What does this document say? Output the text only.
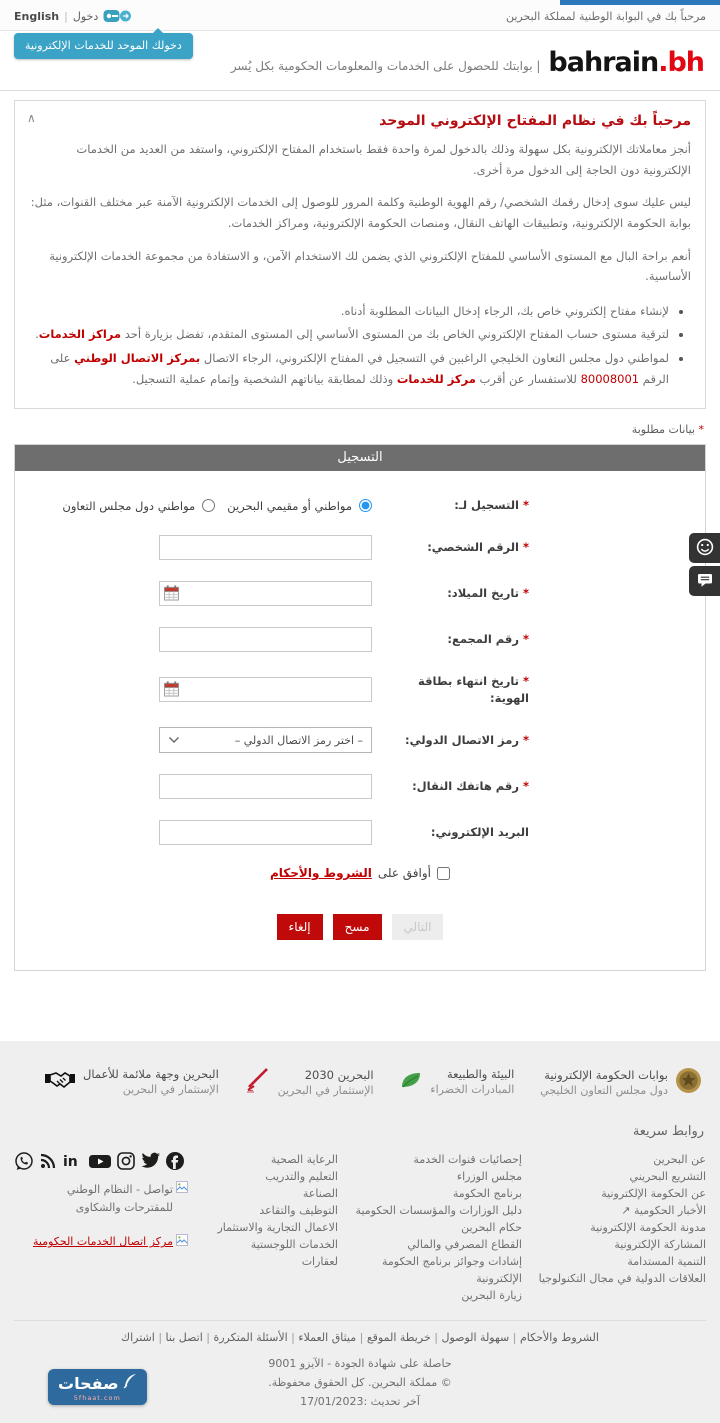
مرحباً بك في البوابة الوطنية لمملكة البحرين
دخول
|
English
دخولك الموحد للخدمات الإلكترونية
bahrain.bh
| بوابتك للحصول على الخدمات والمعلومات الحكومية بكل يُسر
∧	مرحباً بك في نظام المفتاح الإلكتروني الموحد

أنجز معاملاتك الإلكترونية بكل سهولة وذلك بالدخول لمرة واحدة فقط باستخدام المفتاح الإلكتروني، واستفد من العديد من الخدمات الإلكترونية دون الحاجة إلى الدخول مرة أخرى.

ليس عليك سوى إدخال رقمك الشخصي/ رقم الهوية الوطنية وكلمة المرور للوصول إلى الخدمات الإلكترونية الآمنة عبر مختلف القنوات، مثل: بوابة الحكومة الإلكترونية، وتطبيقات الهاتف النقال، ومنصات الحكومة الإلكترونية، ومراكز الخدمات.

أنعم براحة البال مع المستوى الأساسي للمفتاح الإلكتروني الذي يضمن لك الاستخدام الآمن، و الاستفادة من مجموعة الخدمات الإلكترونية الأساسية.

• لإنشاء مفتاح إلكتروني خاص بك، الرجاء إدخال البيانات المطلوبة أدناه.
• لترقية مستوى حساب المفتاح الإلكتروني الخاص بك من المستوى الأساسي إلى المستوى المتقدم، تفضل بزيارة أحد مراكز الخدمات.
• لمواطني دول مجلس التعاون الخليجي الراغبين في التسجيل في المفتاح الإلكتروني، الرجاء الاتصال بمركز الاتصال الوطني على الرقم 80008001 للاستفسار عن أقرب مركز للخدمات وذلك لمطابقة بياناتهم الشخصية وإتمام عملية التسجيل.
* بيانات مطلوبة
التسجيل
* التسجيل لـ:
مواطني أو مقيمي البحرين
مواطني دول مجلس التعاون
* الرقم الشخصي:
* تاريخ الميلاد:
* رقم المجمع:
* تاريخ انتهاء بطاقة الهوية:
* رمز الاتصال الدولي:
– اختر رمز الاتصال الدولي –
* رقم هاتفك النقال:
البريد الإلكتروني:
أوافق على
الشروط والأحكام
التالي
مسح
إلغاء
بوابات الحكومة الإلكترونية
دول مجلس التعاون الخليجي
البيئة والطبيعة
المبادرات الخضراء
البحرين 2030
الإستثمار في البحرين
البحرين وجهة ملائمة للأعمال
الإستثمار في البحرين
روابط سريعة
عن البحرين
التشريع البحريني
عن الحكومة الإلكترونية
الأخبار الحكومية ↗
مدونة الحكومة الإلكترونية
المشاركة الإلكترونية
التنمية المستدامة
العلاقات الدولية في مجال التكنولوجيا
إحصائيات قنوات الخدمة
مجلس الوزراء
برنامج الحكومة
دليل الوزارات والمؤسسات الحكومية
حكام البحرين
القطاع المصرفي والمالي
إشادات وجوائز برنامج الحكومة الإلكترونية
زيارة البحرين
الرعاية الصحية
التعليم والتدريب
الصناعة
التوظيف والتقاعد
الاعمال التجارية والاستثمار
الخدمات اللوجستية
لعقارات
in
تواصل - النظام الوطني للمقترحات والشكاوى
مركز اتصال الخدمات الحكومية
الشروط والأحكام | سهولة الوصول | خريطة الموقع | ميثاق العملاء | الأسئلة المتكررة | اتصل بنا | اشتراك
حاصلة على شهادة الجودة - الآيزو 9001
© مملكة البحرين. كل الحقوق محفوظة.
آخر تحديث :17/01/2023
صفحات
5fhaat.com
